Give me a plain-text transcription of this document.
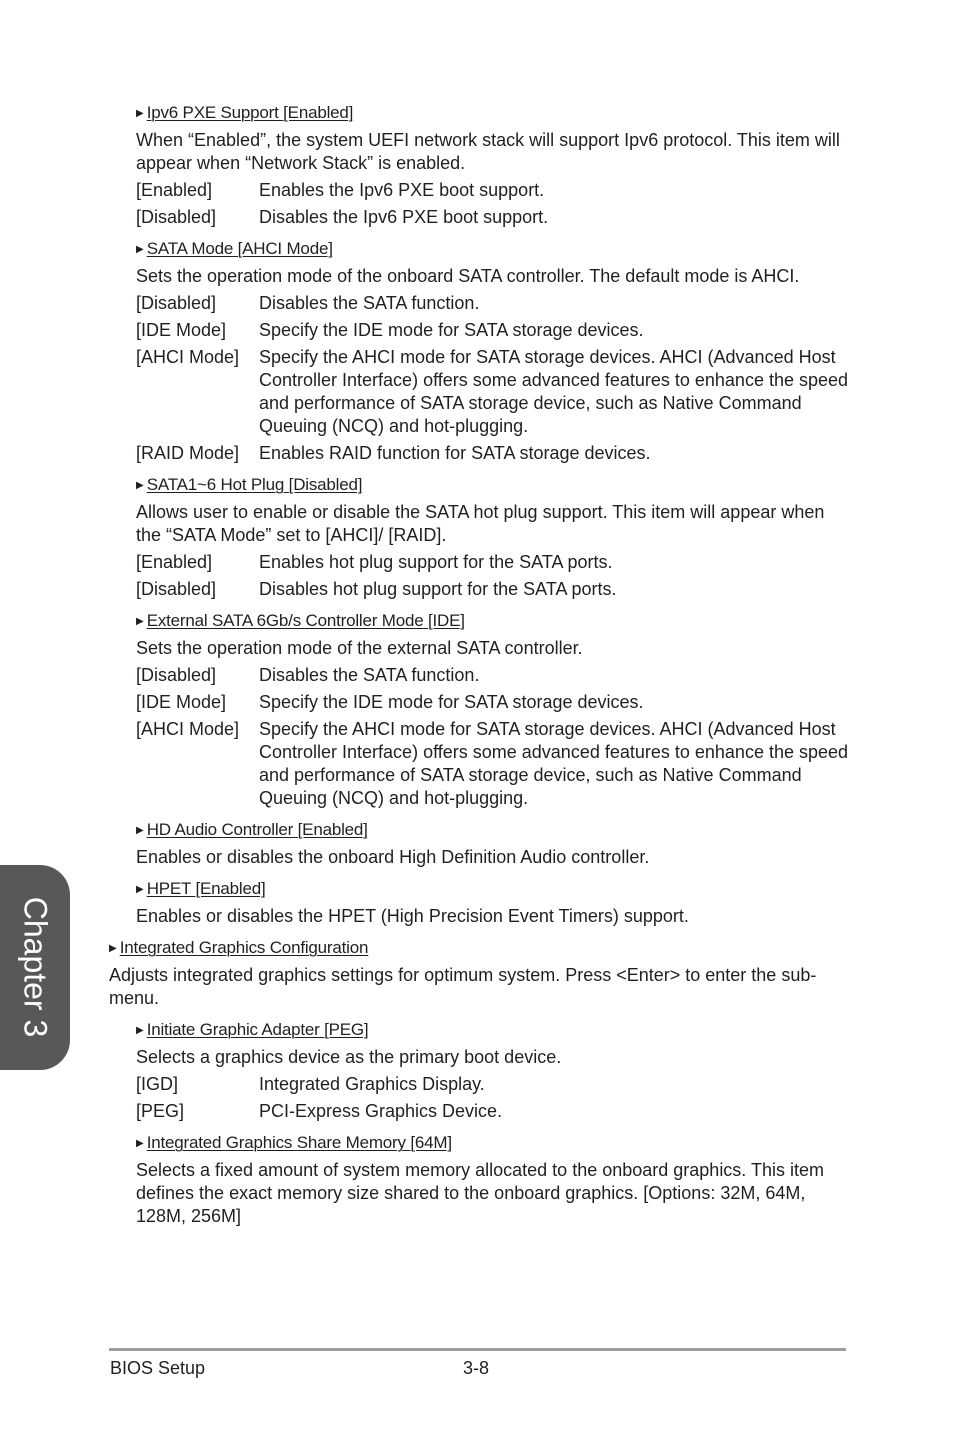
▶ Ipv6 PXE Support [Enabled]

When “Enabled”, the system UEFI network stack will support Ipv6 protocol. This item will appear when “Network Stack” is enabled.

[Enabled]	Enables the Ipv6 PXE boot support.
[Disabled]	Disables the Ipv6 PXE boot support.
▶ SATA Mode [AHCI Mode]

Sets the operation mode of the onboard SATA controller. The default mode is AHCI.

[Disabled]	Disables the SATA function.
[IDE Mode]	Specify the IDE mode for SATA storage devices.
[AHCI Mode]	Specify the AHCI mode for SATA storage devices. AHCI (Advanced Host Controller Interface) offers some advanced features to enhance the speed and performance of SATA storage device, such as Native Command Queuing (NCQ) and hot-plugging.
[RAID Mode]	Enables RAID function for SATA storage devices.
▶ SATA1~6 Hot Plug [Disabled]

Allows user to enable or disable the SATA hot plug support. This item will appear when the “SATA Mode” set to [AHCI]/ [RAID].

[Enabled]	Enables hot plug support for the SATA ports.
[Disabled]	Disables hot plug support for the SATA ports.
▶ External SATA 6Gb/s Controller Mode [IDE]

Sets the operation mode of the external SATA controller.

[Disabled]	Disables the SATA function.
[IDE Mode]	Specify the IDE mode for SATA storage devices.
[AHCI Mode]	Specify the AHCI mode for SATA storage devices. AHCI (Advanced Host Controller Interface) offers some advanced features to enhance the speed and performance of SATA storage device, such as Native Command Queuing (NCQ) and hot-plugging.
▶ HD Audio Controller [Enabled]

Enables or disables the onboard High Definition Audio controller.

▶ HPET [Enabled]

Enables or disables the HPET (High Precision Event Timers) support.

▶ Integrated Graphics Configuration

Adjusts integrated graphics settings for optimum system. Press <Enter> to enter the sub-menu.

▶ Initiate Graphic Adapter [PEG]

Selects a graphics device as the primary boot device.

[IGD]	Integrated Graphics Display.
[PEG]	PCI-Express Graphics Device.
▶ Integrated Graphics Share Memory [64M]

Selects a fixed amount of system memory allocated to the onboard graphics. This item defines the exact memory size shared to the onboard graphics. [Options: 32M, 64M, 128M, 256M]

Chapter 3
BIOS Setup	3-8
